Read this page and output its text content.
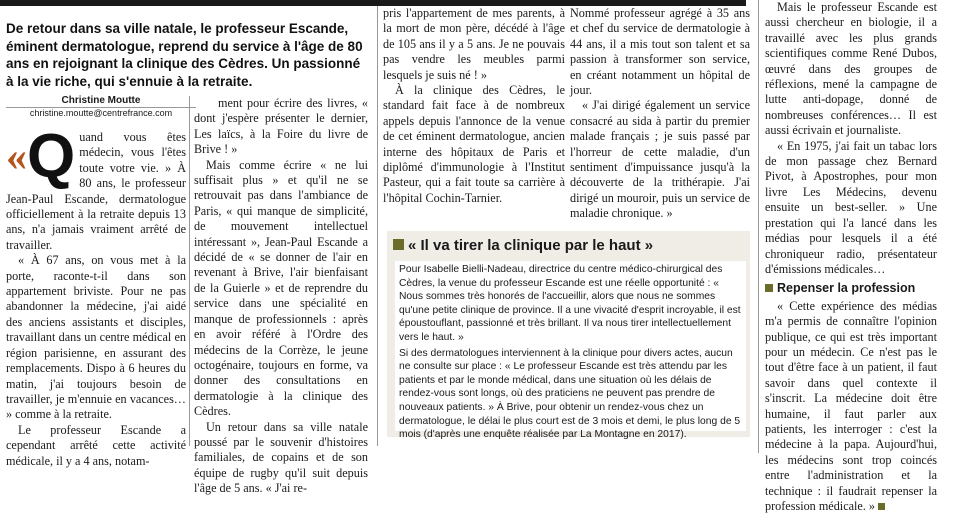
De retour dans sa ville natale, le professeur Escande, éminent dermatologue, reprend du service à l'âge de 80 ans en rejoignant la clinique des Cèdres. Un passionné à la vie riche, qui s'ennuie à la retraite.
Christine Moutte
christine.moutte@centrefrance.com
« Q uand vous êtes médecin, vous l'êtes toute votre vie. » À 80 ans, le professeur Jean-Paul Escande, dermatologue officiellement à la retraite depuis 13 ans, n'a jamais vraiment arrêté de travailler.

« À 67 ans, on vous met à la porte, raconte-t-il dans son appartement briviste. Pour ne pas abandonner la médecine, j'ai aidé des anciens assistants et disciples, travaillant dans un centre médical en région parisienne, en assurant des remplacements. Dispo à 6 heures du matin, j'ai toujours besoin de travailler, je m'ennuie en vacances… » comme à la retraite.

Le professeur Escande a cependant arrêté cette activité médicale, il y a 4 ans, notam-

ment pour écrire des livres, « dont j'espère présenter le dernier, Les laïcs, à la Foire du livre de Brive ! »

Mais comme écrire « ne lui suffisait plus » et qu'il ne se retrouvait pas dans l'ambiance de Paris, « qui manque de simplicité, de mouvement intellectuel intéressant », Jean-Paul Escande a décidé de « se donner de l'air en revenant à Brive, l'air bienfaisant de la Guierle » et de reprendre du service dans une spécialité en manque de professionnels : après en avoir référé à l'Ordre des médecins de la Corrèze, le jeune octogénaire, toujours en forme, va donner des consultations en dermatologie à la clinique des Cèdres.

Un retour dans sa ville natale poussé par le souvenir d'histoires familiales, de copains et de son équipe de rugby qu'il suit depuis l'âge de 5 ans. « J'ai re-

pris l'appartement de mes parents, à la mort de mon père, décédé à l'âge de 105 ans il y a 5 ans. Je ne pouvais pas vendre les meubles parmi lesquels je suis né ! »

À la clinique des Cèdres, le standard fait face à de nombreux appels depuis l'annonce de la venue de cet éminent dermatologue, ancien interne des hôpitaux de Paris et diplômé d'immunologie à l'Institut Pasteur, qui a fait toute sa carrière à l'hôpital Cochin-Tarnier.

Nommé professeur agrégé à 35 ans et chef du service de dermatologie à 44 ans, il a mis tout son talent et sa passion à transformer son service, en créant notamment un hôpital de jour.

« J'ai dirigé également un service consacré au sida à partir du premier malade français ; je suis passé par l'horreur de cette maladie, d'un sentiment d'impuissance jusqu'à la découverte de la trithérapie. J'ai dirigé un mouroir, puis un service de maladie chronique. »

Mais le professeur Escande est aussi chercheur en biologie, il a travaillé avec les plus grands scientifiques comme René Dubos, œuvré dans des groupes de réflexions, mené la campagne de lutte anti-dopage, donné de nombreuses conférences… Il est aussi écrivain et journaliste.

« En 1975, j'ai fait un tabac lors de mon passage chez Bernard Pivot, à Apostrophes, pour mon livre Les Médecins, devenu ensuite un best-seller. » Une prestation qui l'a lancé dans les médias pour lesquels il a été chroniqueur radio, présentateur d'émissions médicales…

Repenser la profession

« Cette expérience des médias m'a permis de connaître l'opinion publique, ce qui est très important pour un médecin. Ce n'est pas le tout d'être face à un patient, il faut savoir dans quel contexte il s'inscrit. La médecine doit être humaine, il faut parler aux patients, les interroger : c'est la médecine à la papa. Aujourd'hui, les médecins sont trop coincés entre l'administration et la technique : il faudrait repenser la profession médicale. »

« Il va tirer la clinique par le haut »

Pour Isabelle Bielli-Nadeau, directrice du centre médico-chirurgical des Cèdres, la venue du professeur Escande est une réelle opportunité : « Nous sommes très honorés de l'accueillir, alors que nous ne sommes qu'une petite clinique de province. Il a une vivacité d'esprit incroyable, il est époustouflant, passionné et très brillant. Il va nous tirer intellectuellement vers le haut. »

Si des dermatologues interviennent à la clinique pour divers actes, aucun ne consulte sur place : « Le professeur Escande est très attendu par les patients et par le monde médical, dans une situation où les délais de rendez-vous sont longs, où des praticiens ne peuvent pas prendre de nouveaux patients. » À Brive, pour obtenir un rendez-vous chez un dermatologue, le délai le plus court est de 3 mois et demi, le plus long de 5 mois (d'après une enquête réalisée par La Montagne en 2017).
